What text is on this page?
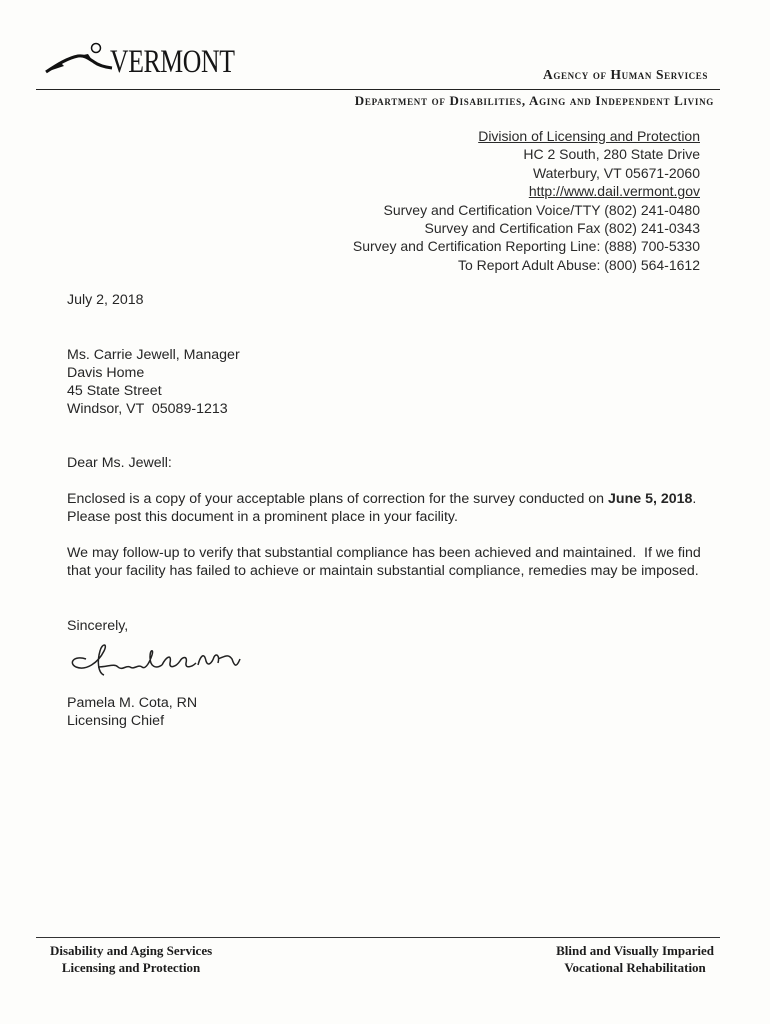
VERMONT	Agency of Human Services
Department of Disabilities, Aging and Independent Living
Division of Licensing and Protection
HC 2 South, 280 State Drive
Waterbury, VT 05671-2060
http://www.dail.vermont.gov
Survey and Certification Voice/TTY (802) 241-0480
Survey and Certification Fax (802) 241-0343
Survey and Certification Reporting Line: (888) 700-5330
To Report Adult Abuse: (800) 564-1612
July 2, 2018
Ms. Carrie Jewell, Manager
Davis Home
45 State Street
Windsor, VT  05089-1213
Dear Ms. Jewell:
Enclosed is a copy of your acceptable plans of correction for the survey conducted on June 5, 2018.  Please post this document in a prominent place in your facility.
We may follow-up to verify that substantial compliance has been achieved and maintained.  If we find that your facility has failed to achieve or maintain substantial compliance, remedies may be imposed.
Sincerely,
Pamela M. Cota, RN
Licensing Chief
Disability and Aging Services
Licensing and Protection
Blind and Visually Imparied
Vocational Rehabilitation
